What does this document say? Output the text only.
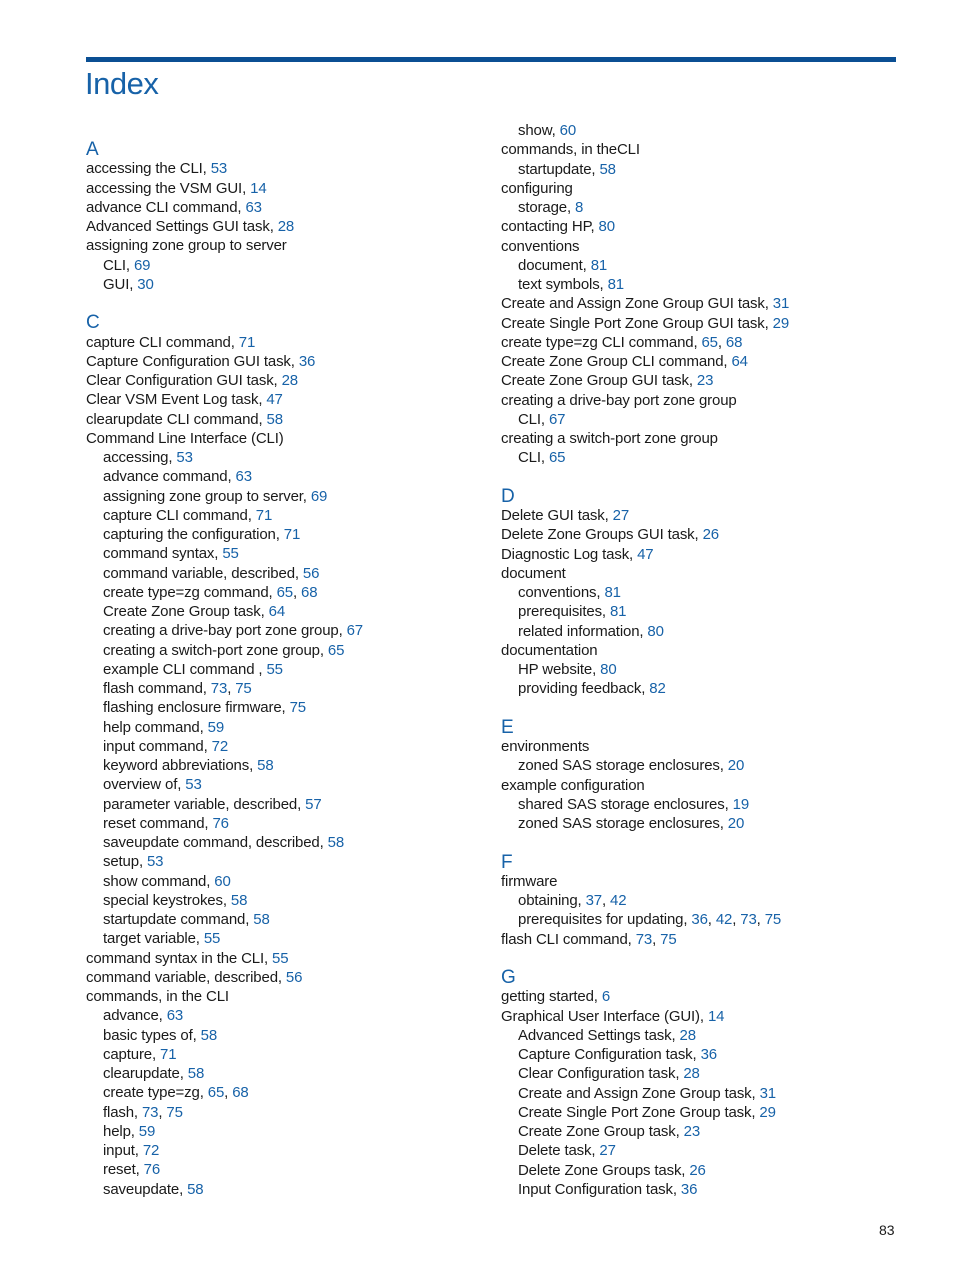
Index
A
accessing the CLI, 53
accessing the VSM GUI, 14
advance CLI command, 63
Advanced Settings GUI task, 28
assigning zone group to server
CLI, 69
GUI, 30
C
capture CLI command, 71
Capture Configuration GUI task, 36
Clear Configuration GUI task, 28
Clear VSM Event Log task, 47
clearupdate CLI command, 58
Command Line Interface (CLI)
accessing, 53
advance command, 63
assigning zone group to server, 69
capture CLI command, 71
capturing the configuration, 71
command syntax, 55
command variable, described, 56
create type=zg command, 65, 68
Create Zone Group task, 64
creating a drive-bay port zone group, 67
creating a switch-port zone group, 65
example CLI command , 55
flash command, 73, 75
flashing enclosure firmware, 75
help command, 59
input command, 72
keyword abbreviations, 58
overview of, 53
parameter variable, described, 57
reset command, 76
saveupdate command, described, 58
setup, 53
show command, 60
special keystrokes, 58
startupdate command, 58
target variable, 55
command syntax in the CLI, 55
command variable, described, 56
commands, in the CLI
advance, 63
basic types of, 58
capture, 71
clearupdate, 58
create type=zg, 65, 68
flash, 73, 75
help, 59
input, 72
reset, 76
saveupdate, 58
show, 60
commands, in theCLI
startupdate, 58
configuring
storage, 8
contacting HP, 80
conventions
document, 81
text symbols, 81
Create and Assign Zone Group GUI task, 31
Create Single Port Zone Group GUI task, 29
create type=zg CLI command, 65, 68
Create Zone Group CLI command, 64
Create Zone Group GUI task, 23
creating a drive-bay port zone group
CLI, 67
creating a switch-port zone group
CLI, 65
D
Delete GUI task, 27
Delete Zone Groups GUI task, 26
Diagnostic Log task, 47
document
conventions, 81
prerequisites, 81
related information, 80
documentation
HP website, 80
providing feedback, 82
E
environments
zoned SAS storage enclosures, 20
example configuration
shared SAS storage enclosures, 19
zoned SAS storage enclosures, 20
F
firmware
obtaining, 37, 42
prerequisites for updating, 36, 42, 73, 75
flash CLI command, 73, 75
G
getting started, 6
Graphical User Interface (GUI), 14
Advanced Settings task, 28
Capture Configuration task, 36
Clear Configuration task, 28
Create and Assign Zone Group task, 31
Create Single Port Zone Group task, 29
Create Zone Group task, 23
Delete task, 27
Delete Zone Groups task, 26
Input Configuration task, 36
83
